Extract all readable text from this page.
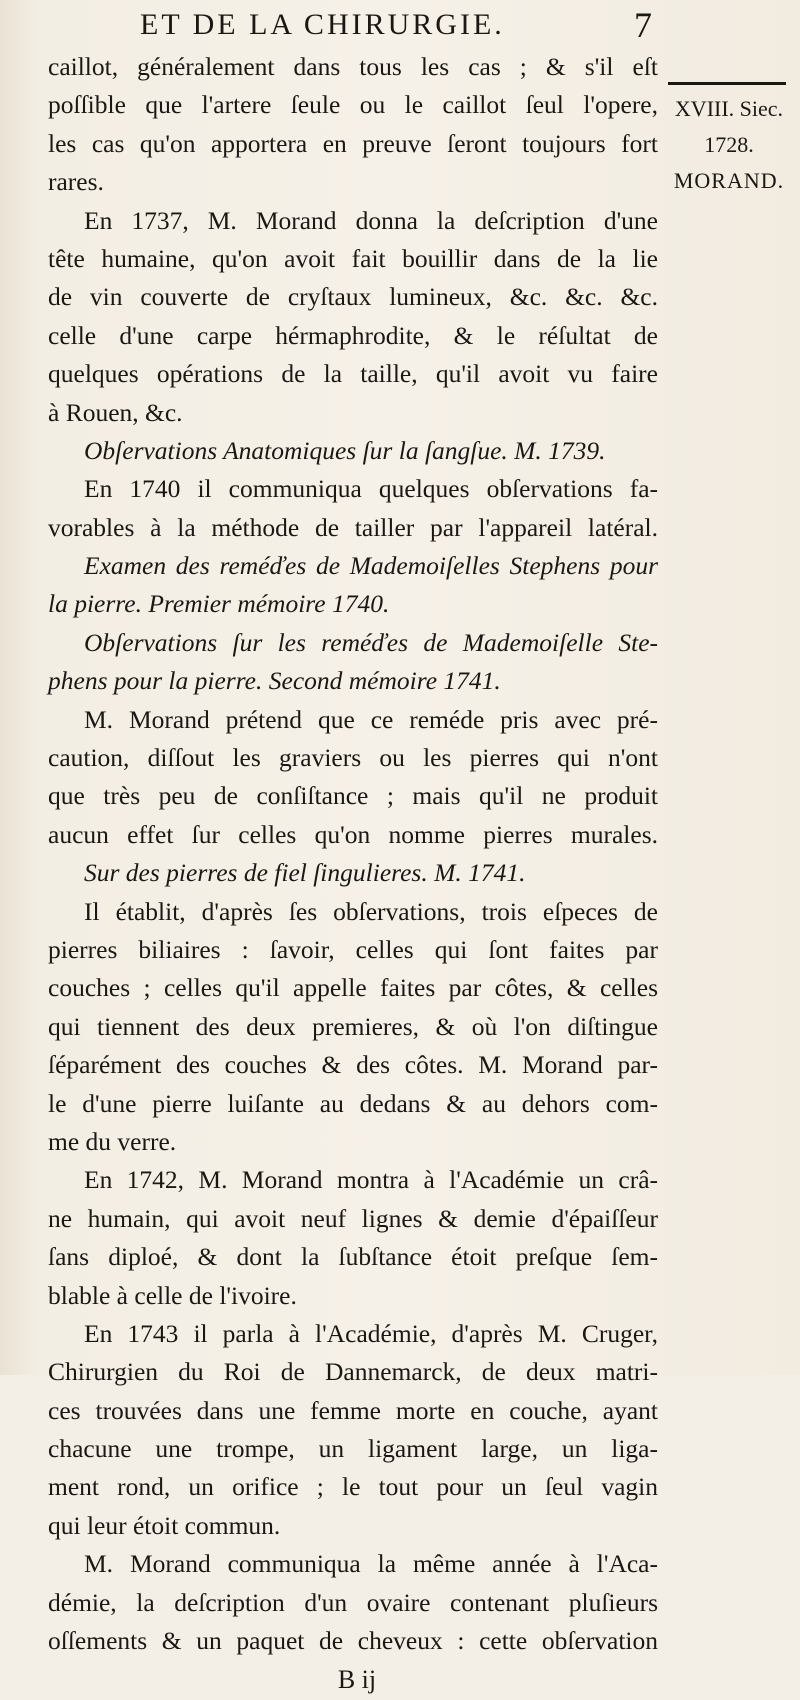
ET DE LA CHIRURGIE.	7
XVIII. Siec.
1728.
MORAND.
caillot, généralement dans tous les cas ; & s'il eſt
poſſible que l'artere ſeule ou le caillot ſeul l'opere,
les cas qu'on apportera en preuve ſeront toujours fort
rares.
En 1737, M. Morand donna la deſcription d'une
tête humaine, qu'on avoit fait bouillir dans de la lie
de vin couverte de cryſtaux lumineux, &c. &c. &c.
celle d'une carpe hérmaphrodite, & le réſultat de
quelques opérations de la taille, qu'il avoit vu faire
à Rouen, &c.
Obſervations Anatomiques ſur la ſangſue. M. 1739.
En 1740 il communiqua quelques obſervations fa-
vorables à la méthode de tailler par l'appareil latéral.
Examen des reméďes de Mademoiſelles Stephens pour
la pierre. Premier mémoire 1740.
Obſervations ſur les reméďes de Mademoiſelle Ste-
phens pour la pierre. Second mémoire 1741.
M. Morand prétend que ce reméde pris avec pré-
caution, diſſout les graviers ou les pierres qui n'ont
que très peu de conſiſtance ; mais qu'il ne produit
aucun effet ſur celles qu'on nomme pierres murales.
Sur des pierres de fiel ſingulieres. M. 1741.
Il établit, d'après ſes obſervations, trois eſpeces de
pierres biliaires : ſavoir, celles qui ſont faites par
couches ; celles qu'il appelle faites par côtes, & celles
qui tiennent des deux premieres, & où l'on diſtingue
ſéparément des couches & des côtes. M. Morand par-
le d'une pierre luiſante au dedans & au dehors com-
me du verre.
En 1742, M. Morand montra à l'Académie un crâ-
ne humain, qui avoit neuf lignes & demie d'épaiſſeur
ſans diploé, & dont la ſubſtance étoit preſque ſem-
blable à celle de l'ivoire.
En 1743 il parla à l'Académie, d'après M. Cruger,
Chirurgien du Roi de Dannemarck, de deux matri-
ces trouvées dans une femme morte en couche, ayant
chacune une trompe, un ligament large, un liga-
ment rond, un orifice ; le tout pour un ſeul vagin
qui leur étoit commun.
M. Morand communiqua la même année à l'Aca-
démie, la deſcription d'un ovaire contenant pluſieurs
oſſements & un paquet de cheveux : cette obſervation
B ij
